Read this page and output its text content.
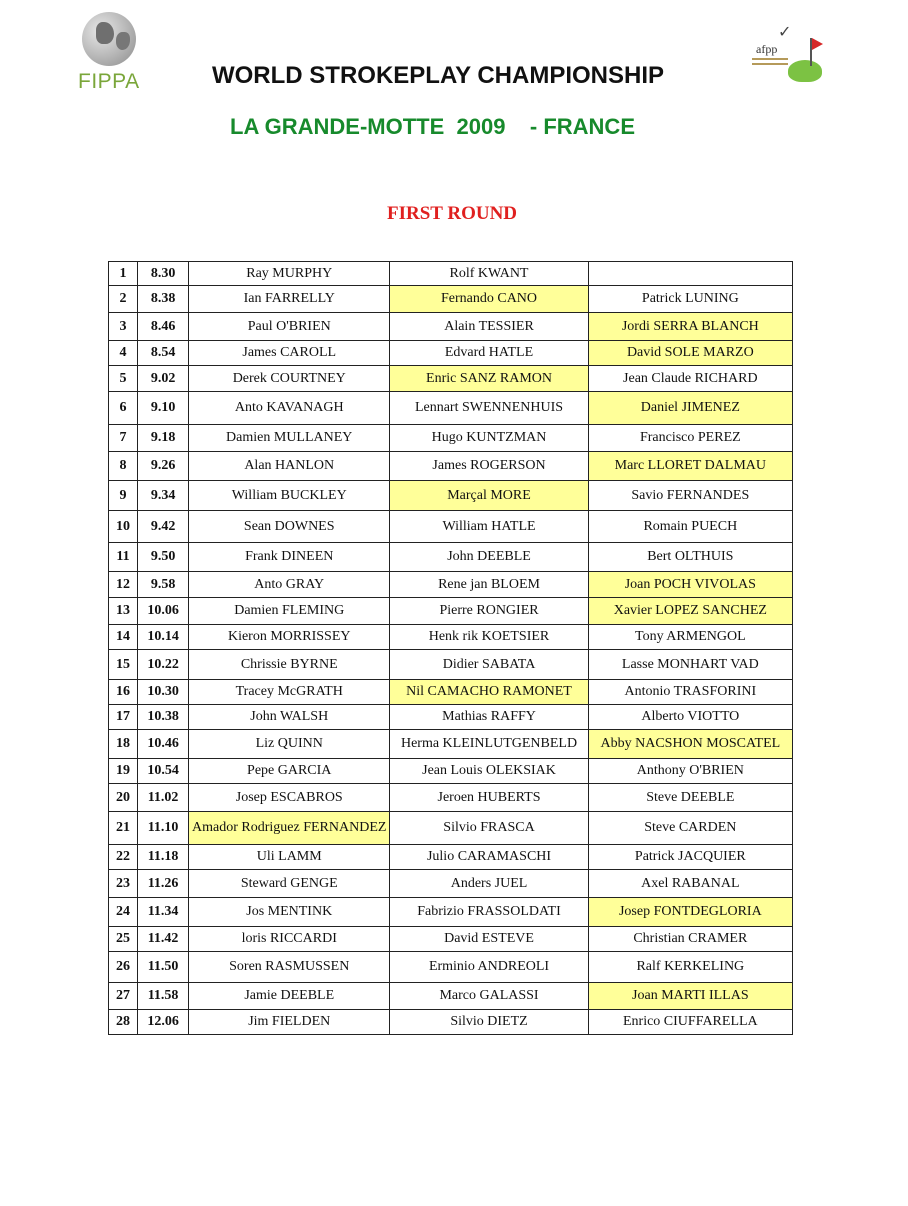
FIPPA	WORLD STROKEPLAY CHAMPIONSHIP
LA GRANDE-MOTTE  2009    - FRANCE
✓
afpp
FIRST ROUND
1	8.30	Ray MURPHY	Rolf KWANT	
2	8.38	Ian FARRELLY	Fernando CANO	Patrick LUNING
3	8.46	Paul O'BRIEN	Alain TESSIER	Jordi SERRA BLANCH
4	8.54	James CAROLL	Edvard HATLE	David SOLE MARZO
5	9.02	Derek COURTNEY	Enric SANZ RAMON	Jean Claude RICHARD
6	9.10	Anto KAVANAGH	Lennart SWENNENHUIS	Daniel JIMENEZ
7	9.18	Damien MULLANEY	Hugo KUNTZMAN	Francisco PEREZ
8	9.26	Alan HANLON	James ROGERSON	Marc LLORET DALMAU
9	9.34	William BUCKLEY	Marçal MORE	Savio FERNANDES
10	9.42	Sean DOWNES	William HATLE	Romain PUECH
11	9.50	Frank DINEEN	John DEEBLE	Bert OLTHUIS
12	9.58	Anto GRAY	Rene jan BLOEM	Joan POCH VIVOLAS
13	10.06	Damien FLEMING	Pierre RONGIER	Xavier LOPEZ SANCHEZ
14	10.14	Kieron MORRISSEY	Henk rik KOETSIER	Tony ARMENGOL
15	10.22	Chrissie BYRNE	Didier SABATA	Lasse MONHART VAD
16	10.30	Tracey McGRATH	Nil CAMACHO RAMONET	Antonio TRASFORINI
17	10.38	John WALSH	Mathias RAFFY	Alberto VIOTTO
18	10.46	Liz QUINN	Herma KLEINLUTGENBELD	Abby NACSHON MOSCATEL
19	10.54	Pepe GARCIA	Jean Louis OLEKSIAK	Anthony O'BRIEN
20	11.02	Josep ESCABROS	Jeroen HUBERTS	Steve DEEBLE
21	11.10	Amador Rodriguez FERNANDEZ	Silvio FRASCA	Steve CARDEN
22	11.18	Uli LAMM	Julio CARAMASCHI	Patrick JACQUIER
23	11.26	Steward GENGE	Anders JUEL	Axel RABANAL
24	11.34	Jos MENTINK	Fabrizio FRASSOLDATI	Josep FONTDEGLORIA
25	11.42	loris RICCARDI	David ESTEVE	Christian CRAMER
26	11.50	Soren RASMUSSEN	Erminio ANDREOLI	Ralf KERKELING
27	11.58	Jamie DEEBLE	Marco GALASSI	Joan MARTI ILLAS
28	12.06	Jim FIELDEN	Silvio DIETZ	Enrico CIUFFARELLA
